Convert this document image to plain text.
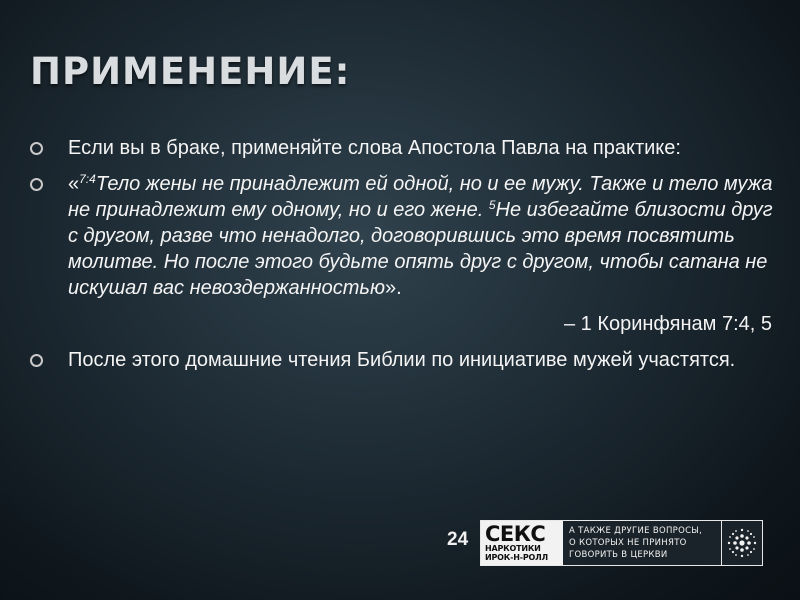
ПРИМЕНЕНИЕ:
Если вы в браке, применяйте слова Апостола Павла на практике:
«$^{7:4}$Тело жены не принадлежит ей одной, но и ее мужу. Также и тело мужа не принадлежит ему одному, но и его жене. $^5$Не избегайте близости друг с другом, разве что ненадолго, договорившись это время посвятить молитве. Но после этого будьте опять друг с другом, чтобы сатана не искушал вас невоздержанностью».
– 1 Коринфянам 7:4, 5
После этого домашние чтения Библии по инициативе мужей участятся.
24 СЕКС
НАРКОТИКИ
ИРОК-Н-РОЛЛ
А ТАКЖЕ ДРУГИЕ ВОПРОСЫ,
О КОТОРЫХ НЕ ПРИНЯТО
ГОВОРИТЬ В ЦЕРКВИ
